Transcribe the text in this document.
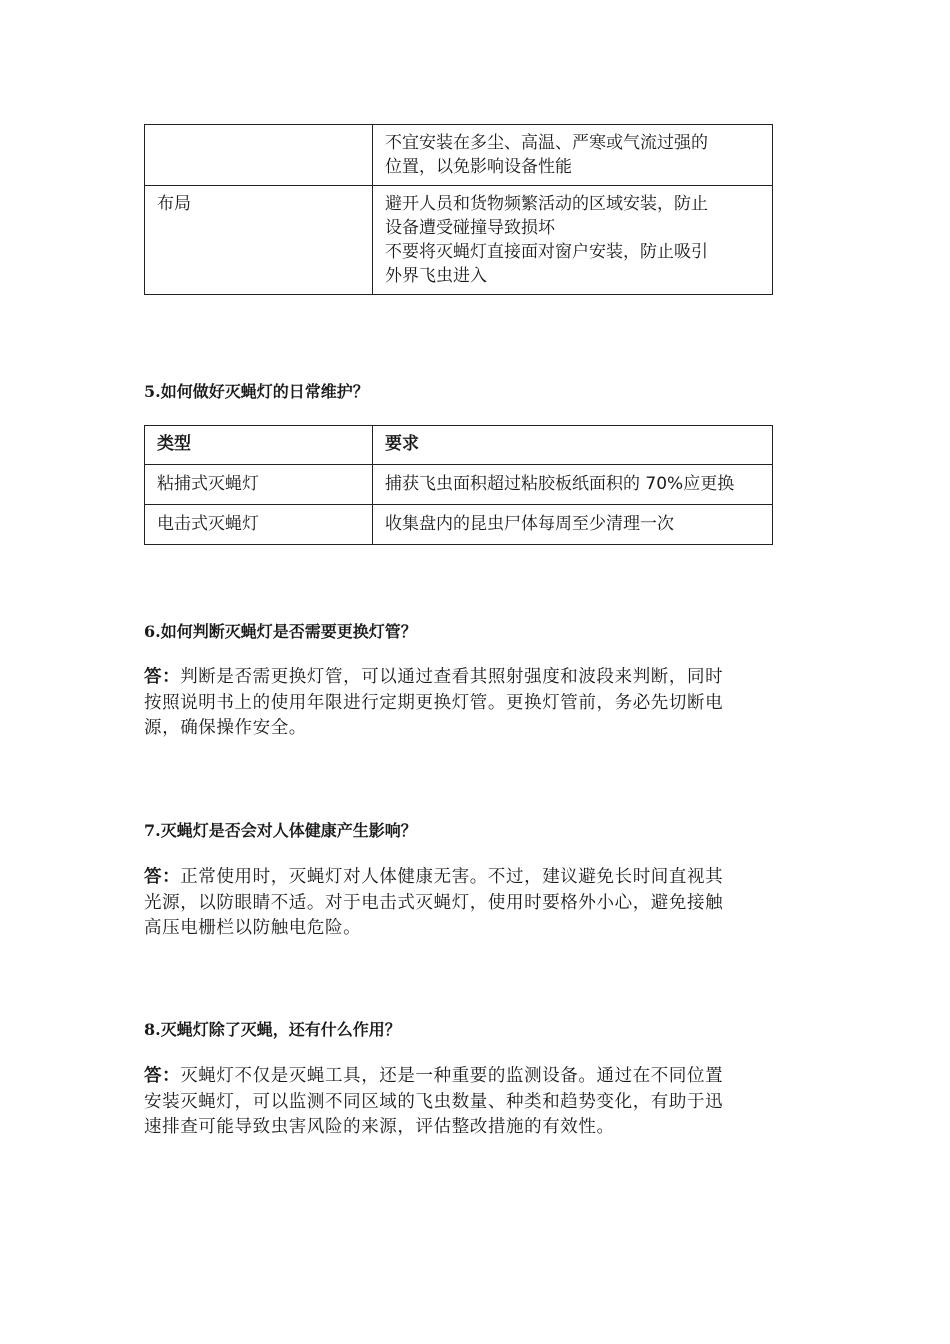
	不宜安装在多尘、高温、严寒或气流过强的
位置，以免影响设备性能

布局	避开人员和货物频繁活动的区域安装，防止
设备遭受碰撞导致损坏
不要将灭蝇灯直接面对窗户安装，防止吸引
外界飞虫进入
5.如何做好灭蝇灯的日常维护？
类型	要求
粘捕式灭蝇灯	捕获飞虫面积超过粘胶板纸面积的 70%应更换
电击式灭蝇灯	收集盘内的昆虫尸体每周至少清理一次
6.如何判断灭蝇灯是否需要更换灯管？
答：判断是否需更换灯管，可以通过查看其照射强度和波段来判断，同时
按照说明书上的使用年限进行定期更换灯管。更换灯管前，务必先切断电
源，确保操作安全。
7.灭蝇灯是否会对人体健康产生影响？
答：正常使用时，灭蝇灯对人体健康无害。不过，建议避免长时间直视其
光源，以防眼睛不适。对于电击式灭蝇灯，使用时要格外小心，避免接触
高压电栅栏以防触电危险。
8.灭蝇灯除了灭蝇，还有什么作用？
答：灭蝇灯不仅是灭蝇工具，还是一种重要的监测设备。通过在不同位置
安装灭蝇灯，可以监测不同区域的飞虫数量、种类和趋势变化，有助于迅
速排查可能导致虫害风险的来源，评估整改措施的有效性。
